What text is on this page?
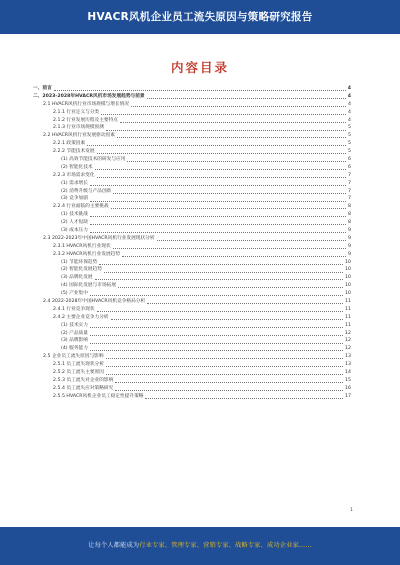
HVACR风机企业员工流失原因与策略研究报告
内容目录
一、前言	4
二、2023-2028年HVACR风机市场发展趋势与前景	4
2.1 HVACR风机行业市场规模与增长情况	4
2.1.1 行业定义与分类	4
2.1.2 行业发展历程及主要特点	4
2.1.3 行业市场规模预测	5
2.2 HVACR风机行业发展驱动因素	5
2.2.1 政策因素	5
2.2.2 节能技术发展	5
(1) 高效节能技术的研发与应用	6
(2) 智能化技术	6
2.2.3 市场需求变化	7
(1) 需求增长	7
(2) 消费升级与产品创新	7
(3) 竞争加剧	7
2.2.4 行业面临的主要挑战	8
(1) 技术挑战	8
(2) 人才短缺	8
(3) 成本压力	9
2.3 2022-2023年中国HVACR风机行业发展现状分析	9
2.3.1 HVACR风机行业现状	9
2.3.2 HVACR风机行业发展趋势	9
(1) 节能环保趋势	10
(2) 智能化发展趋势	10
(3) 品牌化发展	10
(4) 国际化发展与市场拓展	10
(5) 产业集中	10
2.4 2022-2028年中国HVACR风机竞争格局分析	11
2.4.1 行业竞争现状	11
2.4.2 主要企业竞争力分析	11
(1) 技术实力	11
(2) 产品质量	12
(3) 品牌影响	12
(4) 服务能力	12
2.5 企业员工流失原因与影响	13
2.5.1 员工流失现状分析	13
2.5.2 员工流失主要原因	14
2.5.3 员工流失对企业的影响	15
2.5.4 员工流失应对策略研究	16
2.5.5 HVACR风机企业员工稳定性提升策略	17
1
让每个人都能成为行业专家、管理专家、营销专家、战略专家、成功企业家……
